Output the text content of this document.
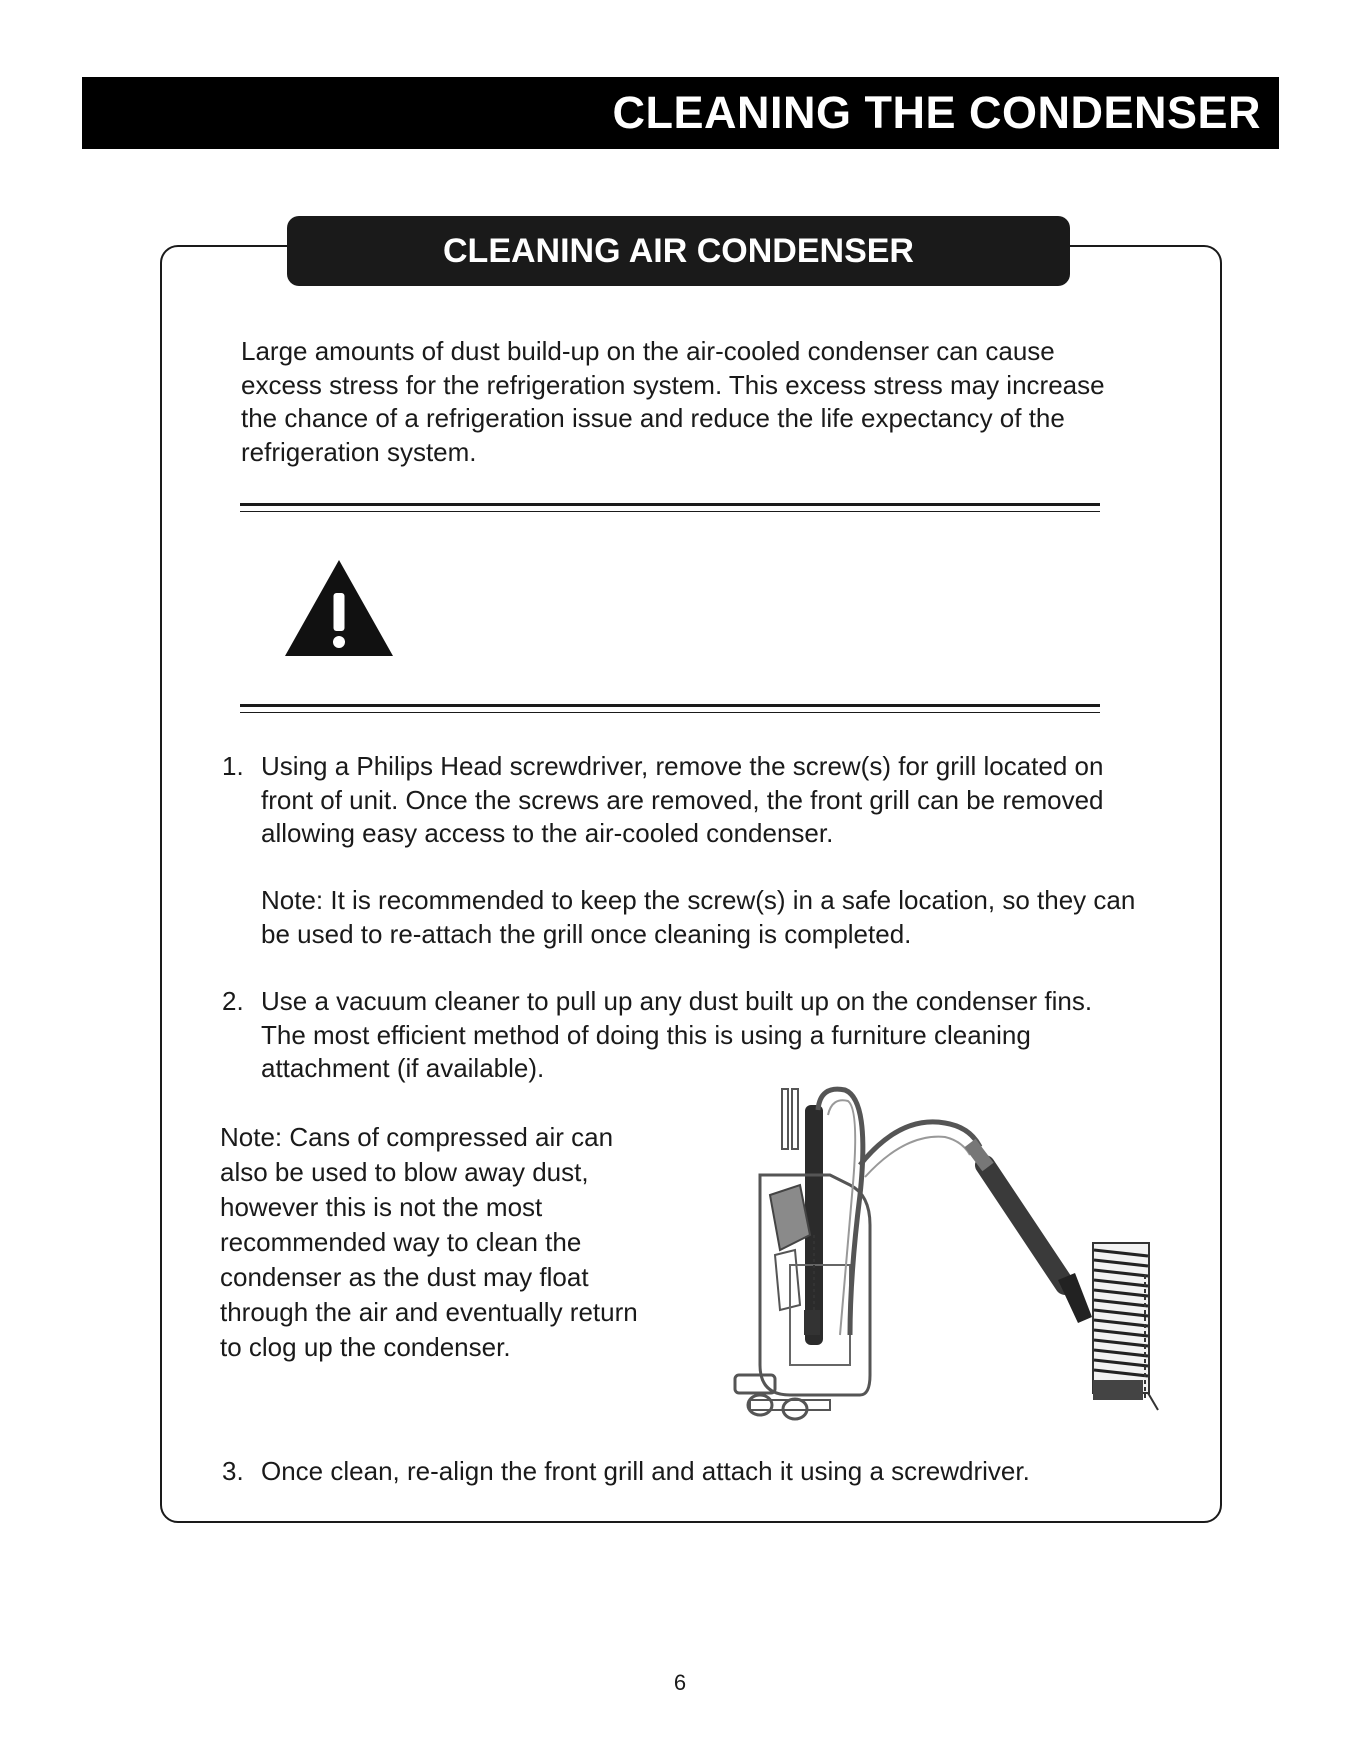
CLEANING THE CONDENSER
CLEANING AIR CONDENSER

Large amounts of dust build-up on the air-cooled condenser can cause excess stress for the refrigeration system. This excess stress may increase the chance of a refrigeration issue and reduce the life expectancy of the refrigeration system.

1. Using a Philips Head screwdriver, remove the screw(s) for grill located on front of unit. Once the screws are removed, the front grill can be removed allowing easy access to the air-cooled condenser.

Note: It is recommended to keep the screw(s) in a safe location, so they can be used to re-attach the grill once cleaning is completed.

2. Use a vacuum cleaner to pull up any dust built up on the condenser fins. The most efficient method of doing this is using a furniture cleaning attachment (if available).

Note: Cans of compressed air can also be used to blow away dust, however this is not the most recommended way to clean the condenser as the dust may float through the air and eventually return to clog up the condenser.

3. Once clean, re-align the front grill and attach it using a screwdriver.

6
